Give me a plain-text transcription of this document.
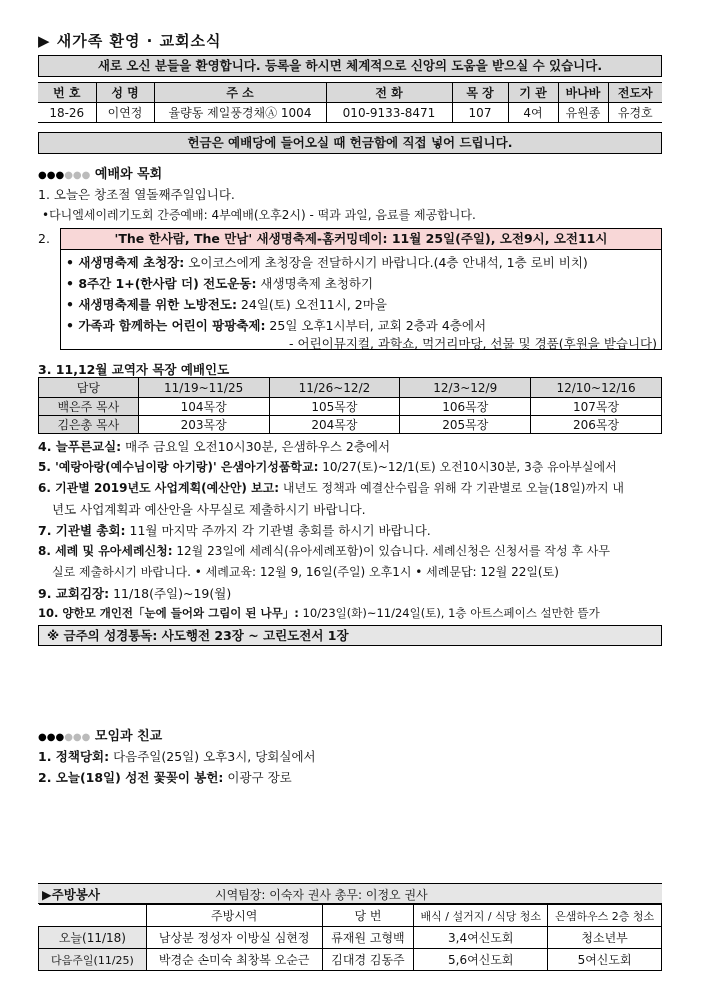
▶ 새가족 환영 · 교회소식
새로 오신 분들을 환영합니다. 등록을 하시면 체계적으로 신앙의 도움을 받으실 수 있습니다.
번 호	성 명	주 소	전 화	목 장	기 관	바나바	전도자
18-26	이연정	율량동 제일풍경채Ⓐ 1004	010-9133-8471	107	4여	유원종	유경호
헌금은 예배당에 들어오실 때 헌금함에 직접 넣어 드립니다.
●●●●●● 예배와 목회
1. 오늘은 창조절 열돌째주일입니다.
•다니엘세이레기도회 간증예배: 4부예배(오후2시) - 떡과 과일, 음료를 제공합니다.
2.	'The 한사람, The 만남' 새생명축제-홈커밍데이: 11월 25일(주일), 오전9시, 오전11시
• 새생명축제 초청장: 오이코스에게 초청장을 전달하시기 바랍니다.(4층 안내석, 1층 로비 비치)
• 8주간 1+(한사람 더) 전도운동: 새생명축제 초청하기
• 새생명축제를 위한 노방전도: 24일(토) 오전11시, 2마을
• 가족과 함께하는 어린이 팡팡축제: 25일 오후1시부터, 교회 2층과 4층에서
- 어린이뮤지컬, 과학쇼, 먹거리마당, 선물 및 경품(후원을 받습니다)
3. 11,12월 교역자 목장 예배인도
담당	11/19~11/25	11/26~12/2	12/3~12/9	12/10~12/16
백은주 목사	104목장	105목장	106목장	107목장
김은총 목사	203목장	204목장	205목장	206목장
4. 늘푸른교실: 매주 금요일 오전10시30분, 은샘하우스 2층에서
5. '예랑아랑(예수님이랑 아기랑)' 은샘아기성품학교: 10/27(토)~12/1(토) 오전10시30분, 3층 유아부실에서
6. 기관별 2019년도 사업계획(예산안) 보고: 내년도 정책과 예결산수립을 위해 각 기관별로 오늘(18일)까지 내
년도 사업계획과 예산안을 사무실로 제출하시기 바랍니다.
7. 기관별 총회: 11월 마지막 주까지 각 기관별 총회를 하시기 바랍니다.
8. 세례 및 유아세례신청: 12월 23일에 세례식(유아세례포함)이 있습니다. 세례신청은 신청서를 작성 후 사무
실로 제출하시기 바랍니다. • 세례교육: 12월 9, 16일(주일) 오후1시 • 세례문답: 12월 22일(토)
9. 교회김장: 11/18(주일)~19(월)
10. 양한모 개인전「눈에 들어와 그림이 된 나무」: 10/23일(화)~11/24일(토), 1층 아트스페이스 설만한 뜰가
※ 금주의 성경통독: 사도행전 23장 ~ 고린도전서 1장
●●●●●● 모임과 친교
1. 정책당회: 다음주일(25일) 오후3시, 당회실에서
2. 오늘(18일) 성전 꽃꽂이 봉헌: 이광구 장로
▶주방봉사	시역팀장: 이숙자 권사 총무: 이정오 권사
	주방시역	당 번	배식 / 설거지 / 식당 청소	은샘하우스 2층 청소
오늘(11/18)	남상분 정성자 이방실 심현정	류재원 고형백	3,4여신도회	청소년부
다음주일(11/25)	박경순 손미숙 최창복 오순근	김대경 김동주	5,6여신도회	5여신도회
